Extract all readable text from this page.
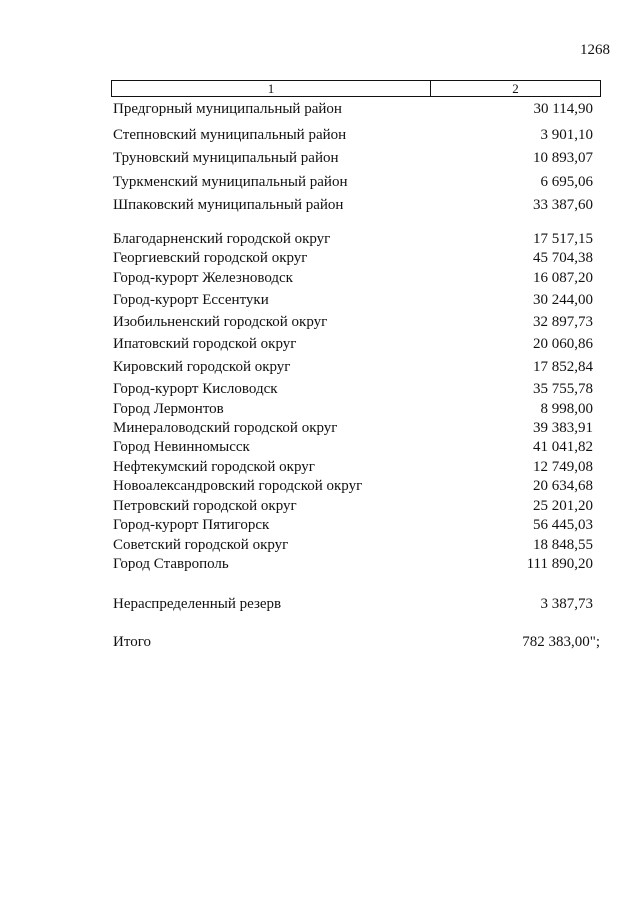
1268
1	2
Предгорный муниципальный район	30 114,90
Степновский муниципальный район	3 901,10
Труновский муниципальный район	10 893,07
Туркменский муниципальный район	6 695,06
Шпаковский муниципальный район	33 387,60
Благодарненский городской округ	17 517,15
Георгиевский городской округ	45 704,38
Город-курорт Железноводск	16 087,20
Город-курорт Ессентуки	30 244,00
Изобильненский городской округ	32 897,73
Ипатовский городской округ	20 060,86
Кировский городской округ	17 852,84
Город-курорт Кисловодск	35 755,78
Город Лермонтов	8 998,00
Минераловодский городской округ	39 383,91
Город Невинномысск	41 041,82
Нефтекумский городской округ	12 749,08
Новоалександровский городской округ	20 634,68
Петровский городской округ	25 201,20
Город-курорт Пятигорск	56 445,03
Советский городской округ	18 848,55
Город Ставрополь	111 890,20
Нераспределенный резерв	3 387,73
Итого	782 383,00";
